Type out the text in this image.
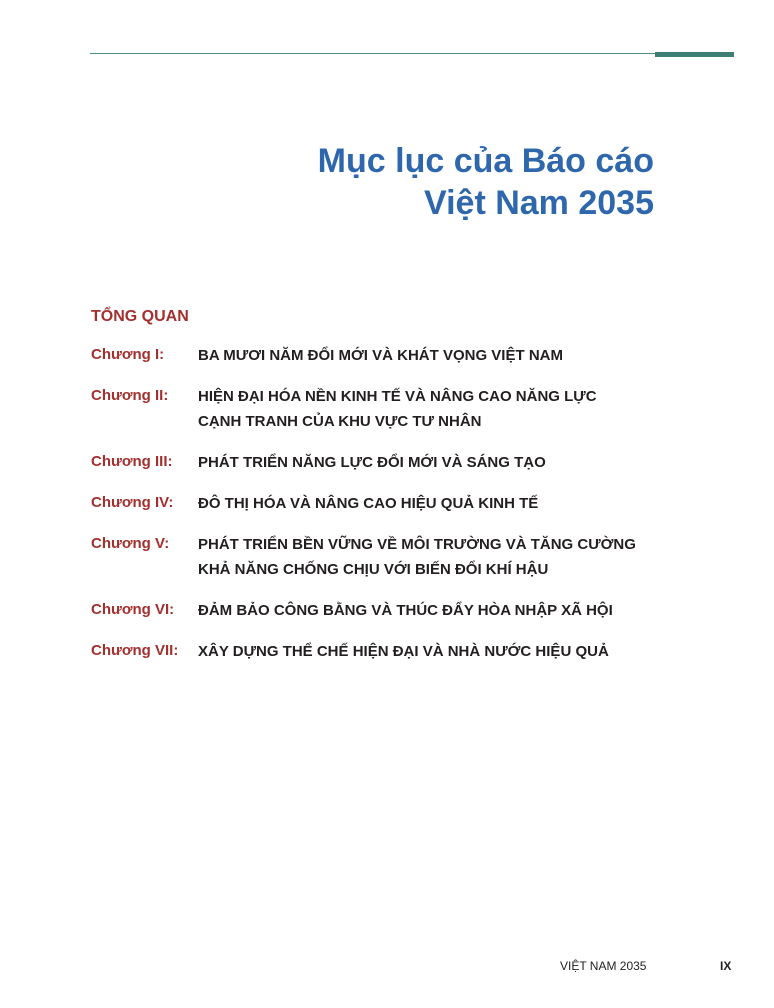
Mục lục của Báo cáo
Việt Nam 2035
TỔNG QUAN
Chương I:	BA MƯƠI NĂM ĐỔI MỚI VÀ KHÁT VỌNG VIỆT NAM
Chương II:	HIỆN ĐẠI HÓA NỀN KINH TẾ VÀ NÂNG CAO NĂNG LỰC
CẠNH TRANH CỦA KHU VỰC TƯ NHÂN
Chương III:	PHÁT TRIỂN NĂNG LỰC ĐỔI MỚI VÀ SÁNG TẠO
Chương IV:	ĐÔ THỊ HÓA VÀ NÂNG CAO HIỆU QUẢ KINH TẾ
Chương V:	PHÁT TRIỂN BỀN VỮNG VỀ MÔI TRƯỜNG VÀ TĂNG CƯỜNG
KHẢ NĂNG CHỐNG CHỊU VỚI BIẾN ĐỔI KHÍ HẬU
Chương VI:	ĐẢM BẢO CÔNG BẰNG VÀ THÚC ĐẨY HÒA NHẬP XÃ HỘI
Chương VII:	XÂY DỰNG THỂ CHẾ HIỆN ĐẠI VÀ NHÀ NƯỚC HIỆU QUẢ
VIỆT NAM 2035	IX
